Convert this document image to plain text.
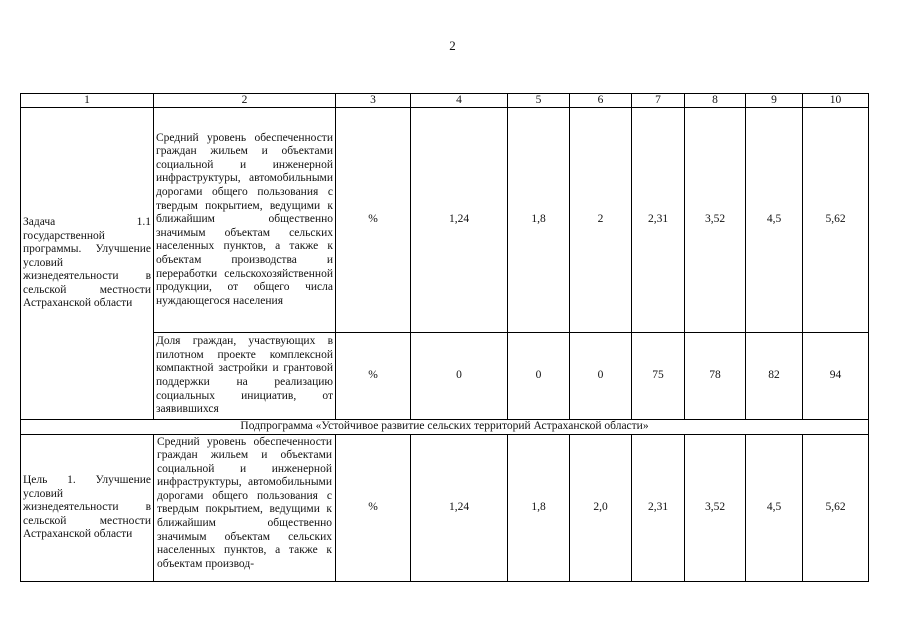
2
1	2	3	4	5	6	7	8	9	10
Задача 1.1 государственной программы. Улучшение условий жизнедеятельности в сельской местности Астраханской области	Средний уровень обеспеченности граждан жильем и объектами социальной и инженерной инфраструктуры, автомобильными дорогами общего пользования с твердым покрытием, ведущими к ближайшим общественно значимым объектам сельских населенных пунктов, а также к объектам производства и переработки сельскохозяйственной продукции, от общего числа нуждающегося населения	%	1,24	1,8	2	2,31	3,52	4,5	5,62
	Доля граждан, участвующих в пилотном проекте комплексной компактной застройки и грантовой поддержки на реализацию социальных инициатив, от заявившихся	%	0	0	0	75	78	82	94
Подпрограмма «Устойчивое развитие сельских территорий Астраханской области»									
Цель 1. Улучшение условий жизнедеятельности в сельской местности Астраханской области	Средний уровень обеспеченности граждан жильем и объектами социальной и инженерной инфраструктуры, автомобильными дорогами общего пользования с твердым покрытием, ведущими к ближайшим общественно значимым объектам сельских населенных пунктов, а также к объектам производ-	%	1,24	1,8	2,0	2,31	3,52	4,5	5,62
